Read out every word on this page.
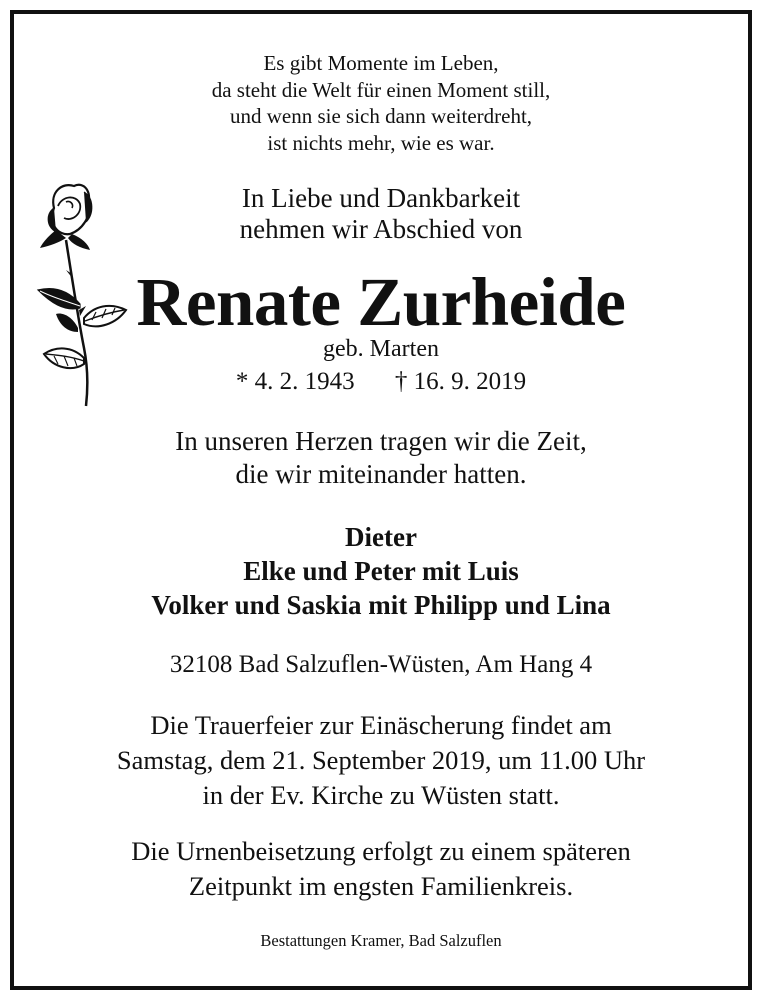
Es gibt Momente im Leben,
da steht die Welt für einen Moment still,
und wenn sie sich dann weiterdreht,
ist nichts mehr, wie es war.
In Liebe und Dankbarkeit
nehmen wir Abschied von
Renate Zurheide
geb. Marten
* 4. 2. 1943 † 16. 9. 2019
In unseren Herzen tragen wir die Zeit,
die wir miteinander hatten.
Dieter
Elke und Peter mit Luis
Volker und Saskia mit Philipp und Lina
32108 Bad Salzuflen-Wüsten, Am Hang 4
Die Trauerfeier zur Einäscherung findet am
Samstag, dem 21. September 2019, um 11.00 Uhr
in der Ev. Kirche zu Wüsten statt.
Die Urnenbeisetzung erfolgt zu einem späteren
Zeitpunkt im engsten Familienkreis.
Bestattungen Kramer, Bad Salzuflen
